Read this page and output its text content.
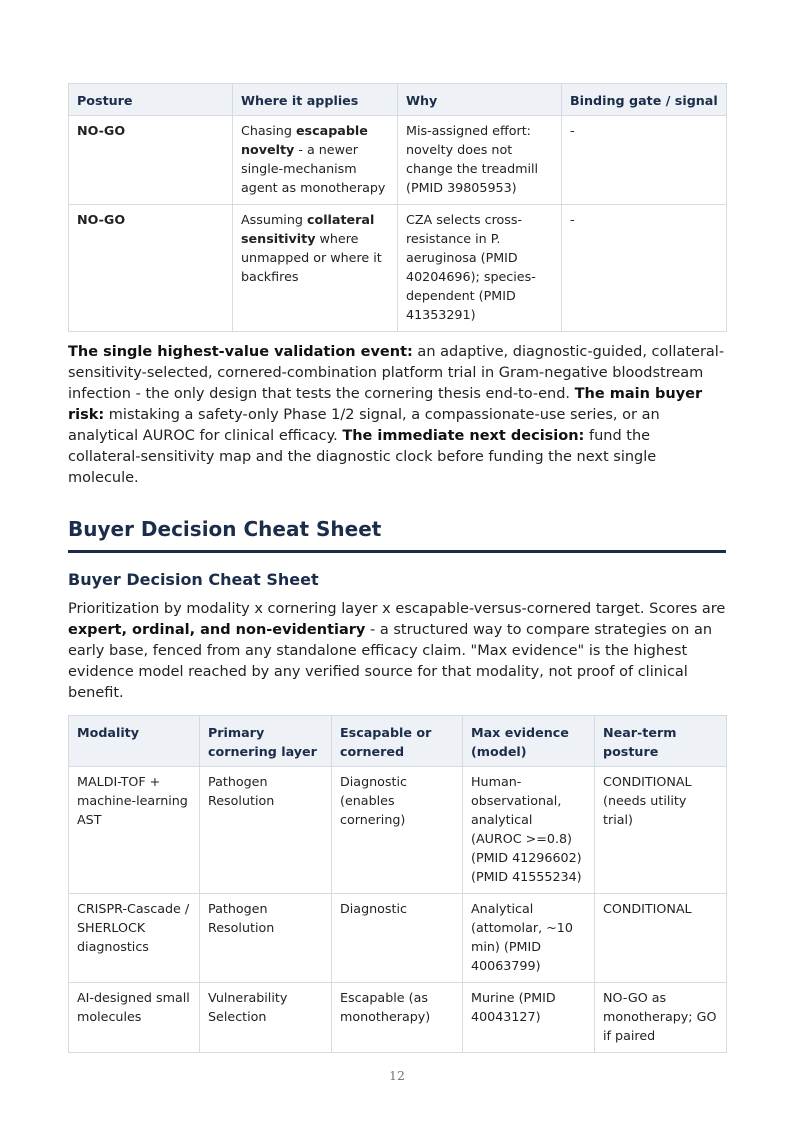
Posture	Where it applies	Why	Binding gate / signal
NO-GO	Chasing escapable novelty - a newer single-mechanism agent as monotherapy	Mis-assigned effort: novelty does not change the treadmill (PMID 39805953)	-
NO-GO	Assuming collateral sensitivity where unmapped or where it backfires	CZA selects cross-resistance in P. aeruginosa (PMID 40204696); species-dependent (PMID 41353291)	-

The single highest-value validation event: an adaptive, diagnostic-guided, collateral-sensitivity-selected, cornered-combination platform trial in Gram-negative bloodstream infection - the only design that tests the cornering thesis end-to-end. The main buyer risk: mistaking a safety-only Phase 1/2 signal, a compassionate-use series, or an analytical AUROC for clinical efficacy. The immediate next decision: fund the collateral-sensitivity map and the diagnostic clock before funding the next single molecule.

Buyer Decision Cheat Sheet
Buyer Decision Cheat Sheet

Prioritization by modality x cornering layer x escapable-versus-cornered target. Scores are expert, ordinal, and non-evidentiary - a structured way to compare strategies on an early base, fenced from any standalone efficacy claim. "Max evidence" is the highest evidence model reached by any verified source for that modality, not proof of clinical benefit.

Modality	Primary cornering layer	Escapable or cornered	Max evidence (model)	Near-term posture
MALDI-TOF + machine-learning AST	Pathogen Resolution	Diagnostic (enables cornering)	Human-observational, analytical (AUROC >=0.8) (PMID 41296602) (PMID 41555234)	CONDITIONAL (needs utility trial)
CRISPR-Cascade / SHERLOCK diagnostics	Pathogen Resolution	Diagnostic	Analytical (attomolar, ~10 min) (PMID 40063799)	CONDITIONAL
AI-designed small molecules	Vulnerability Selection	Escapable (as monotherapy)	Murine (PMID 40043127)	NO-GO as monotherapy; GO if paired
12
